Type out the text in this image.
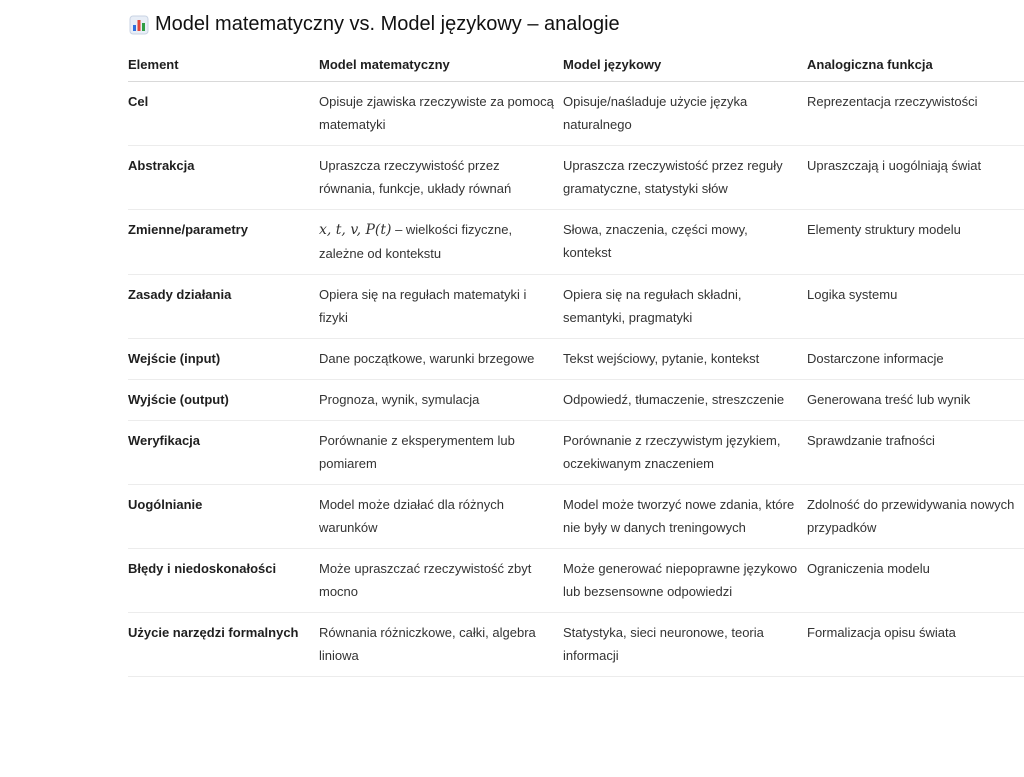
Model matematyczny vs. Model językowy – analogie
Element	Model matematyczny	Model językowy	Analogiczna funkcja
Cel	Opisuje zjawiska rzeczywiste za pomocą matematyki	Opisuje/naśladuje użycie języka naturalnego	Reprezentacja rzeczywistości
Abstrakcja	Upraszcza rzeczywistość przez równania, funkcje, układy równań	Upraszcza rzeczywistość przez reguły gramatyczne, statystyki słów	Upraszczają i uogólniają świat
Zmienne/parametry	x, t, v, P(t) – wielkości fizyczne, zależne od kontekstu	Słowa, znaczenia, części mowy, kontekst	Elementy struktury modelu
Zasady działania	Opiera się na regułach matematyki i fizyki	Opiera się na regułach składni, semantyki, pragmatyki	Logika systemu
Wejście (input)	Dane początkowe, warunki brzegowe	Tekst wejściowy, pytanie, kontekst	Dostarczone informacje
Wyjście (output)	Prognoza, wynik, symulacja	Odpowiedź, tłumaczenie, streszczenie	Generowana treść lub wynik
Weryfikacja	Porównanie z eksperymentem lub pomiarem	Porównanie z rzeczywistym językiem, oczekiwanym znaczeniem	Sprawdzanie trafności
Uogólnianie	Model może działać dla różnych warunków	Model może tworzyć nowe zdania, które nie były w danych treningowych	Zdolność do przewidywania nowych przypadków
Błędy i niedoskonałości	Może upraszczać rzeczywistość zbyt mocno	Może generować niepoprawne językowo lub bezsensowne odpowiedzi	Ograniczenia modelu
Użycie narzędzi formalnych	Równania różniczkowe, całki, algebra liniowa	Statystyka, sieci neuronowe, teoria informacji	Formalizacja opisu świata
